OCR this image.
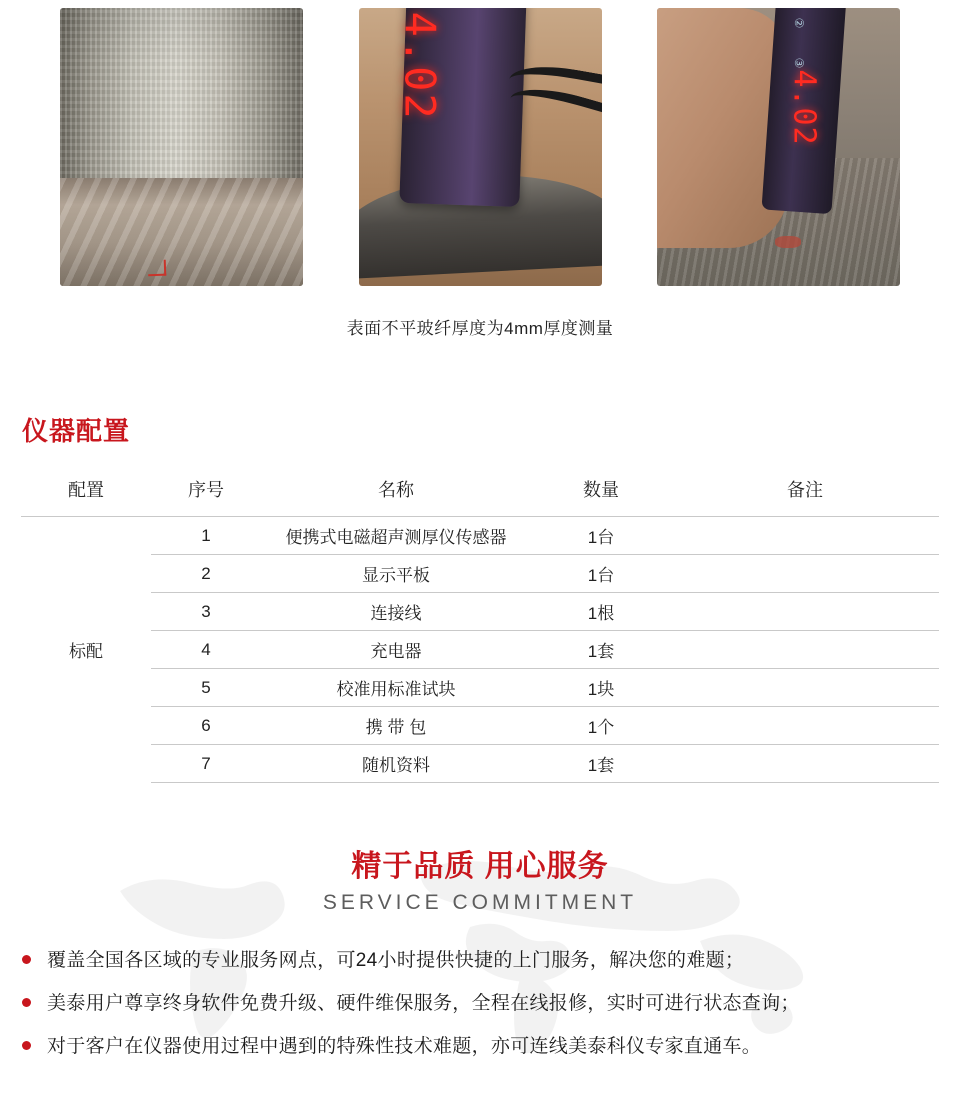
4.02	②
③
4.02
表面不平玻纤厚度为4mm厚度测量
仪器配置
配置	序号	名称	数量	备注
标配	1	便携式电磁超声测厚仪传感器	1台	
	2	显示平板	1台	
	3	连接线	1根	
	4	充电器	1套	
	5	校准用标准试块	1块	
	6	携 带 包	1个	
	7	随机资料	1套	
精于品质 用心服务
SERVICE COMMITMENT
覆盖全国各区域的专业服务网点，可24小时提供快捷的上门服务，解决您的难题；
美泰用户尊享终身软件免费升级、硬件维保服务，全程在线报修，实时可进行状态查询；
对于客户在仪器使用过程中遇到的特殊性技术难题，亦可连线美泰科仪专家直通车。
